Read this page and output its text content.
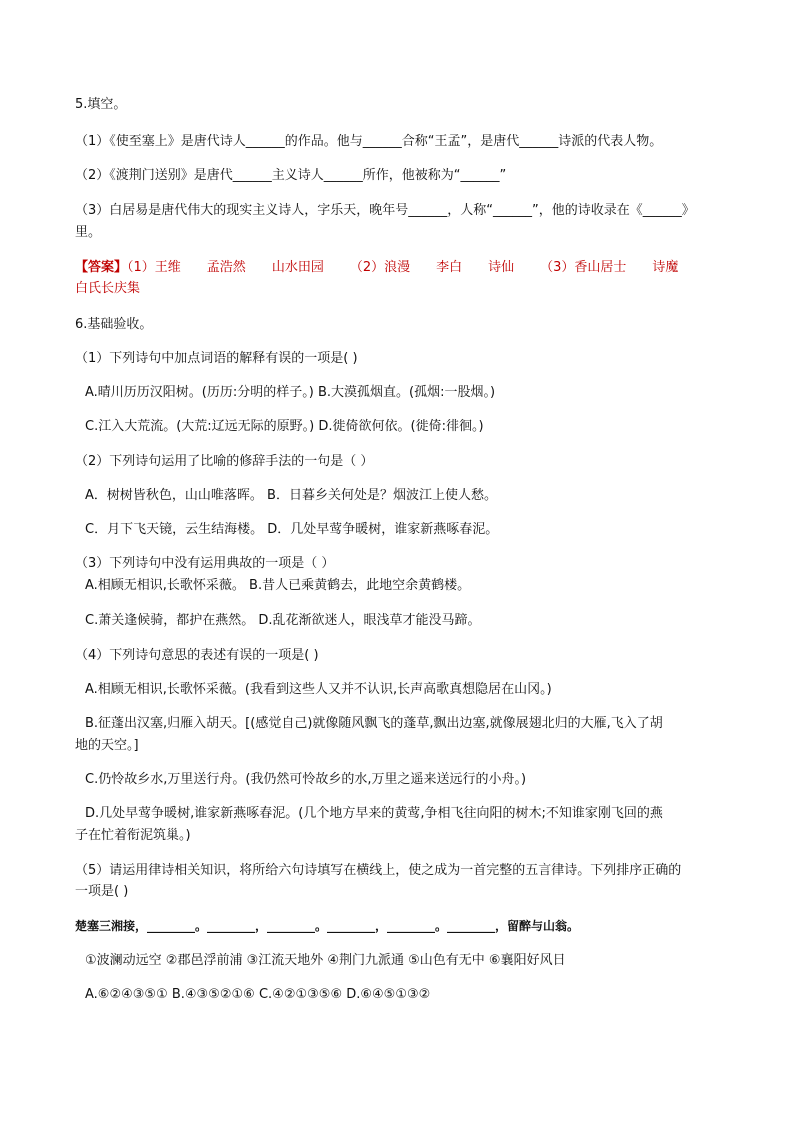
5.填空。
（1）《使至塞上》是唐代诗人______的作品。他与______合称“王孟”，是唐代______诗派的代表人物。
（2）《渡荆门送别》是唐代______主义诗人______所作，他被称为“______”
（3）白居易是唐代伟大的现实主义诗人，字乐天，晚年号______，人称“______”，他的诗收录在《______》
里。
【答案】（1）王维 孟浩然 山水田园 （2）浪漫 李白 诗仙 （3）香山居士 诗魔
白氏长庆集
6.基础验收。
（1）下列诗句中加点词语的解释有误的一项是( )
A.晴川历历汉阳树。(历历:分明的样子。) B.大漠孤烟直。(孤烟:一股烟。)
C.江入大荒流。(大荒:辽远无际的原野。) D.徙倚欲何依。(徙倚:徘徊。)
（2）下列诗句运用了比喻的修辞手法的一句是（ ）
A．树树皆秋色，山山唯落晖。 B．日暮乡关何处是？烟波江上使人愁。
C．月下飞天镜，云生结海楼。 D．几处早莺争暖树，谁家新燕啄春泥。
（3）下列诗句中没有运用典故的一项是（ ）
A.相顾无相识,长歌怀采薇。 B.昔人已乘黄鹤去，此地空余黄鹤楼。
C.萧关逢候骑，都护在燕然。 D.乱花渐欲迷人，眼浅草才能没马蹄。
（4）下列诗句意思的表述有误的一项是( )
A.相顾无相识,长歌怀采薇。(我看到这些人又并不认识,长声高歌真想隐居在山冈。)
B.征蓬出汉塞,归雁入胡天。[(感觉自己)就像随风飘飞的蓬草,飘出边塞,就像展翅北归的大雁,飞入了胡
地的天空。]
C.仍怜故乡水,万里送行舟。(我仍然可怜故乡的水,万里之遥来送远行的小舟。)
D.几处早莺争暖树,谁家新燕啄春泥。(几个地方早来的黄莺,争相飞往向阳的树木;不知谁家刚飞回的燕
子在忙着衔泥筑巢。)
（5）请运用律诗相关知识，将所给六句诗填写在横线上，使之成为一首完整的五言律诗。下列排序正确的
一项是( )
楚塞三湘接，________。________，________。________，________。________，留醉与山翁。
①波澜动远空 ②郡邑浮前浦 ③江流天地外 ④荆门九派通 ⑤山色有无中 ⑥襄阳好风日
A.⑥②④③⑤① B.④③⑤②①⑥ C.④②①③⑤⑥ D.⑥④⑤①③②
